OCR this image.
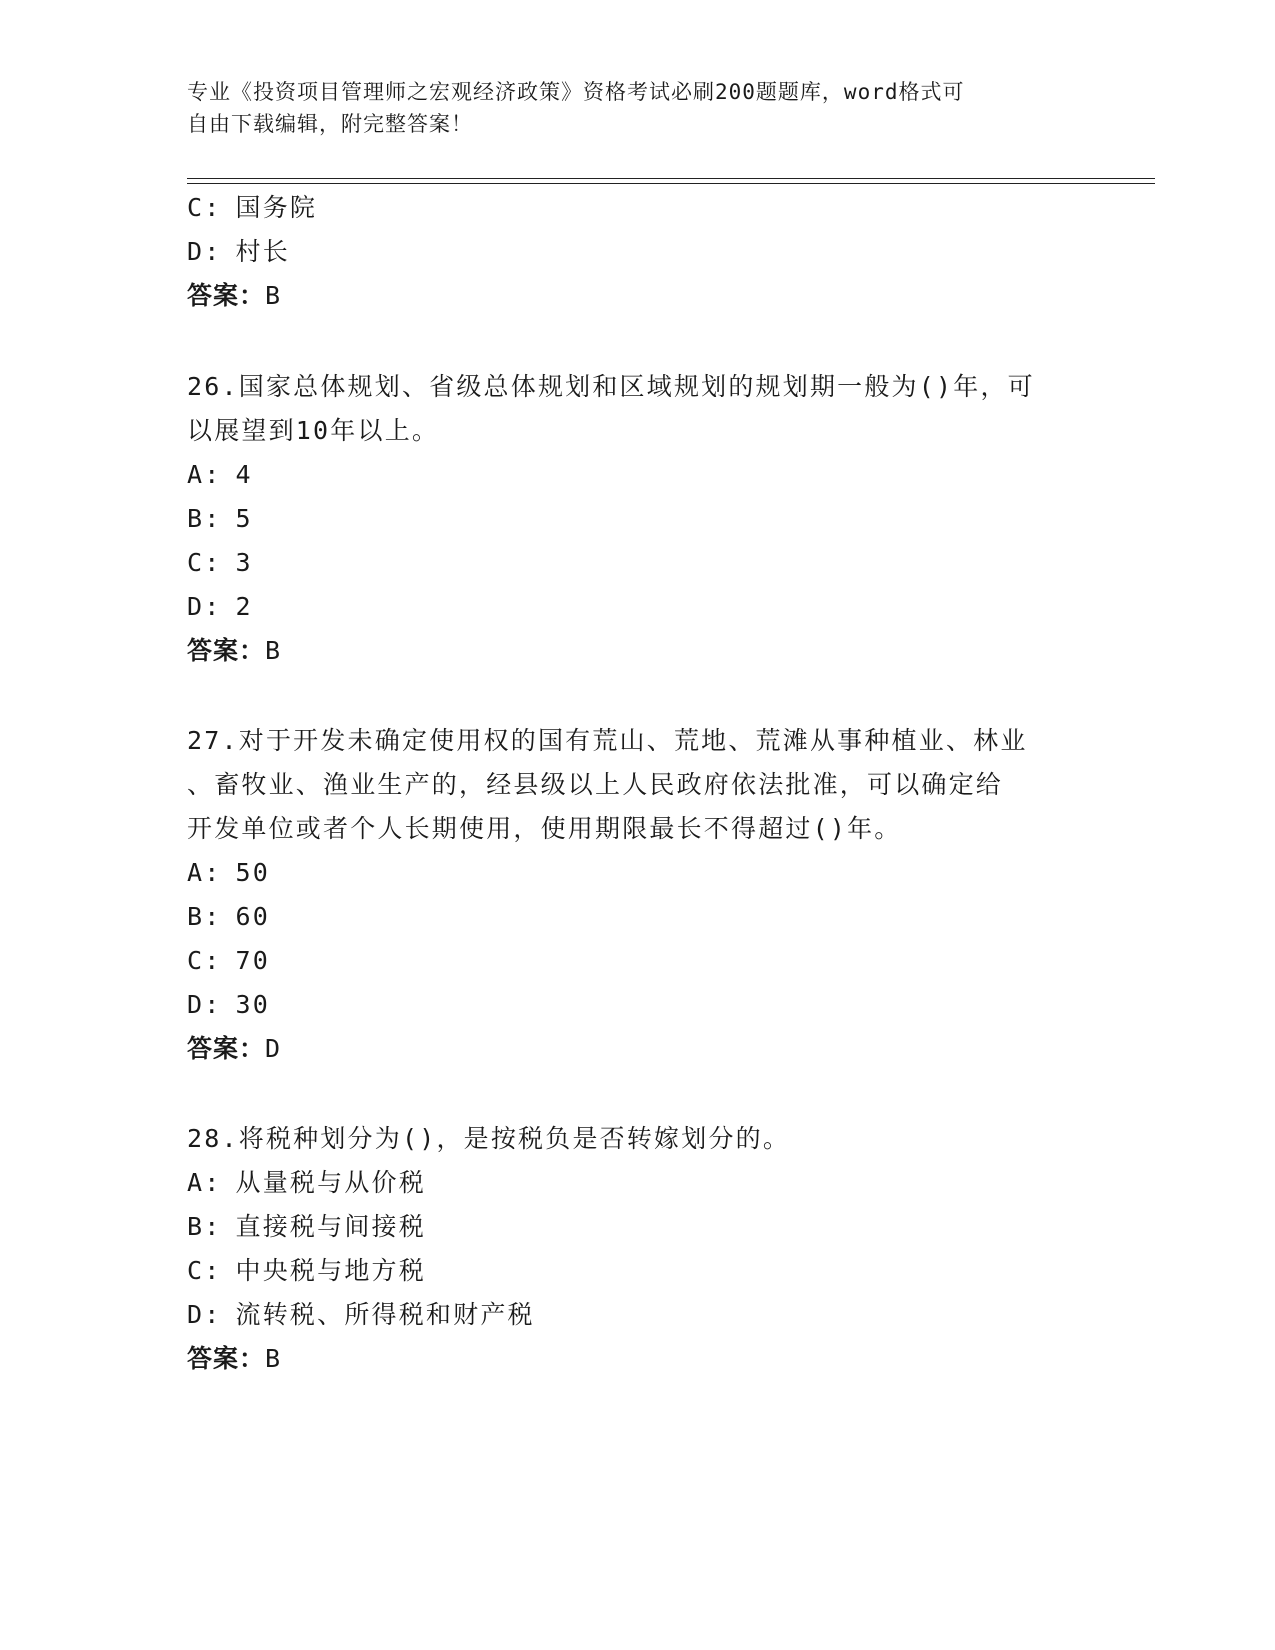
专业《投资项目管理师之宏观经济政策》资格考试必刷200题题库，word格式可
自由下载编辑，附完整答案！
C: 国务院
D: 村长
答案：B
26.国家总体规划、省级总体规划和区域规划的规划期一般为()年，可
以展望到10年以上。
A: 4
B: 5
C: 3
D: 2
答案：B
27.对于开发未确定使用权的国有荒山、荒地、荒滩从事种植业、林业
、畜牧业、渔业生产的，经县级以上人民政府依法批准，可以确定给
开发单位或者个人长期使用，使用期限最长不得超过()年。
A: 50
B: 60
C: 70
D: 30
答案：D
28.将税种划分为()，是按税负是否转嫁划分的。
A: 从量税与从价税
B: 直接税与间接税
C: 中央税与地方税
D: 流转税、所得税和财产税
答案：B
